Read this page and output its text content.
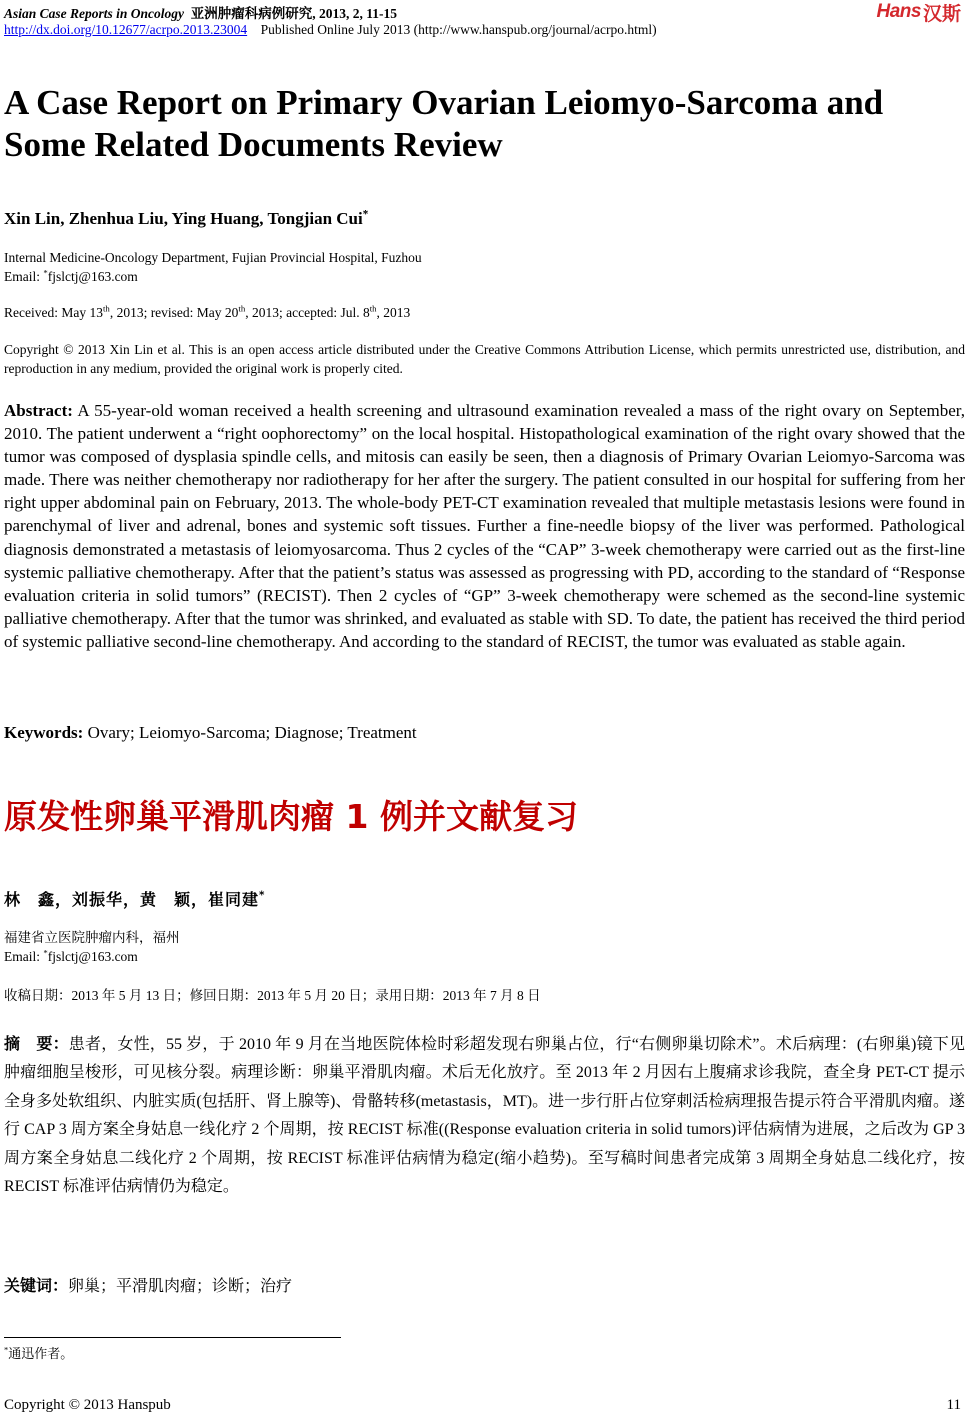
Asian Case Reports in Oncology 亚洲肿瘤科病例研究, 2013, 2, 11-15
http://dx.doi.org/10.12677/acrpo.2013.23004 Published Online July 2013 (http://www.hanspub.org/journal/acrpo.html)
Hans 汉斯
A Case Report on Primary Ovarian Leiomyo-Sarcoma and Some Related Documents Review
Xin Lin, Zhenhua Liu, Ying Huang, Tongjian Cui*
Internal Medicine-Oncology Department, Fujian Provincial Hospital, Fuzhou
Email: *fjslctj@163.com
Received: May 13th, 2013; revised: May 20th, 2013; accepted: Jul. 8th, 2013
Copyright © 2013 Xin Lin et al. This is an open access article distributed under the Creative Commons Attribution License, which permits unrestricted use, distribution, and reproduction in any medium, provided the original work is properly cited.
Abstract: A 55-year-old woman received a health screening and ultrasound examination revealed a mass of the right ovary on September, 2010. The patient underwent a “right oophorectomy” on the local hospital. Histopathological examination of the right ovary showed that the tumor was composed of dysplasia spindle cells, and mitosis can easily be seen, then a diagnosis of Primary Ovarian Leiomyo-Sarcoma was made. There was neither chemotherapy nor radiotherapy for her after the surgery. The patient consulted in our hospital for suffering from her right upper abdominal pain on February, 2013. The whole-body PET-CT examination revealed that multiple metastasis lesions were found in parenchymal of liver and adrenal, bones and systemic soft tissues. Further a fine-needle biopsy of the liver was performed. Pathological diagnosis demonstrated a metastasis of leiomyosarcoma. Thus 2 cycles of the “CAP” 3-week chemotherapy were carried out as the first-line systemic palliative chemotherapy. After that the patient’s status was assessed as progressing with PD, according to the standard of “Response evaluation criteria in solid tumors” (RECIST). Then 2 cycles of “GP” 3-week chemotherapy were schemed as the second-line systemic palliative chemotherapy. After that the tumor was shrinked, and evaluated as stable with SD. To date, the patient has received the third period of systemic palliative second-line chemotherapy. And according to the standard of RECIST, the tumor was evaluated as stable again.
Keywords: Ovary; Leiomyo-Sarcoma; Diagnose; Treatment
原发性卵巢平滑肌肉瘤 1 例并文献复习
林　鑫，刘振华，黄　颖，崔同建*
福建省立医院肿瘤内科，福州
Email: *fjslctj@163.com
收稿日期：2013 年 5 月 13 日；修回日期：2013 年 5 月 20 日；录用日期：2013 年 7 月 8 日
摘　要：患者，女性，55 岁，于 2010 年 9 月在当地医院体检时彩超发现右卵巢占位，行“右侧卵巢切除术”。术后病理：(右卵巢)镜下见肿瘤细胞呈梭形，可见核分裂。病理诊断：卵巢平滑肌肉瘤。术后无化放疗。至 2013 年 2 月因右上腹痛求诊我院，查全身 PET-CT 提示全身多处软组织、内脏实质(包括肝、肾上腺等)、骨骼转移(metastasis，MT)。进一步行肝占位穿刺活检病理报告提示符合平滑肌肉瘤。遂行 CAP 3 周方案全身姑息一线化疗 2 个周期，按 RECIST 标准((Response evaluation criteria in solid tumors)评估病情为进展，之后改为 GP 3 周方案全身姑息二线化疗 2 个周期，按 RECIST 标准评估病情为稳定(缩小趋势)。至写稿时间患者完成第 3 周期全身姑息二线化疗，按 RECIST 标准评估病情仍为稳定。
关键词：卵巢；平滑肌肉瘤；诊断；治疗
*通迅作者。
Copyright © 2013 Hanspub	11
